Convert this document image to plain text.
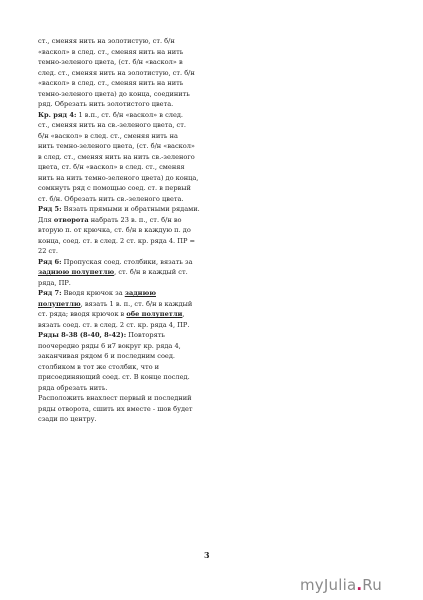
ст., сменяя нить на золотистую, ст. б/н
«васкол» в след. ст., сменяя нить на нить
темно-зеленого цвета, (ст. б/н «васкол» в
след. ст., сменяя нить на золотистую, ст. б/н
«васкол» в след. ст., сменяя нить на нить
темно-зеленого цвета) до конца, соединить
ряд. Обрезать нить золотистого цвета.
Кр. ряд 4: 1 в.п., ст. б/н «васкол» в след.
ст., сменяя нить на св.-зеленого цвета, ст.
б/н «васкол» в след. ст., сменяя нить на
нить темно-зеленого цвета, (ст. б/н «васкол»
в след. ст., сменяя нить на нить св.-зеленого
цвета, ст. б/н «васкол» в след. ст., сменяя
нить на нить темно-зеленого цвета) до конца,
сомкнуть ряд с помощью соед. ст. в первый
ст. б/н. Обрезать нить св.-зеленого цвета.
Ряд 5: Вязать прямыми и обратными рядами.
Для отворота набрать 23 в. п., ст. б/н во
вторую п. от крючка, ст. б/н в каждую п. до
конца, соед. ст. в след. 2 ст. кр. ряда 4. ПР =
22 ст.
Ряд 6: Пропуская соед. столбики, вязать за
заднюю полупетлю, ст. б/н в каждый ст.
ряда, ПР.
Ряд 7: Вводя крючок за заднюю
полупетлю, вязать 1 в. п., ст. б/н в каждый
ст. ряда; вводя крючок в обе полупетли,
вязать соед. ст. в след. 2 ст. кр. ряда 4, ПР.
Ряды 8-38 (8-40, 8-42): Повторять
поочередно ряды 6 и7 вокруг кр. ряда 4,
заканчивая рядом 6 и последним соед.
столбиком в тот же столбик, что и
присоединяющий соед. ст. В конце послед.
ряда обрезать нить.
Расположить внахлест первый и последний
ряды отворота, сшить их вместе - шов будет
сзади по центру.
3
myJulia.Ru
